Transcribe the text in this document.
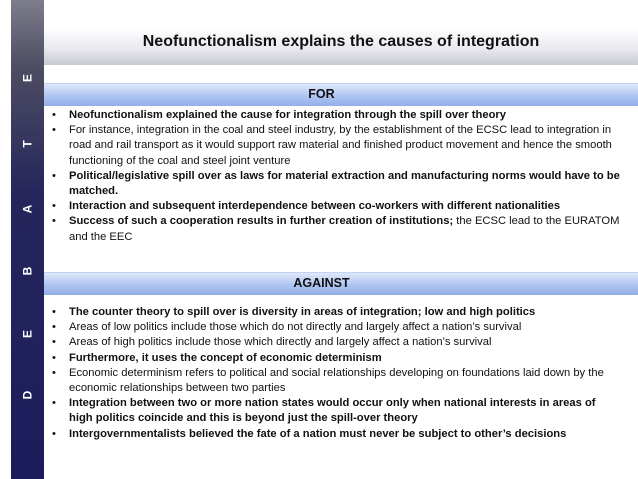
D
E
B
A
T
E
Neofunctionalism explains the causes of integration
FOR
• Neofunctionalism explained the cause for integration through the spill over theory
• For instance, integration in the coal and steel industry, by the establishment of the ECSC lead to integration in road and rail transport as it would support raw material and finished product movement and hence the smooth functioning of the coal and steel joint venture
• Political/legislative spill over as laws for material extraction and manufacturing norms would have to be matched.
• Interaction and subsequent interdependence between co-workers with different nationalities
• Success of such a cooperation results in further creation of institutions; the ECSC lead to the EURATOM and the EEC
AGAINST
• The counter theory to spill over is diversity in areas of integration; low and high politics
• Areas of low politics include those which do not directly and largely affect a nation’s survival
• Areas of high politics include those which directly and largely affect a nation’s survival
• Furthermore, it uses the concept of economic determinism
• Economic determinism refers to political and social relationships developing on foundations laid down by the economic relationships between two parties
• Integration between two or more nation states would occur only when national interests in areas of high politics coincide and this is beyond just the spill-over theory
• Intergovernmentalists believed the fate of a nation must never be subject to other’s decisions
